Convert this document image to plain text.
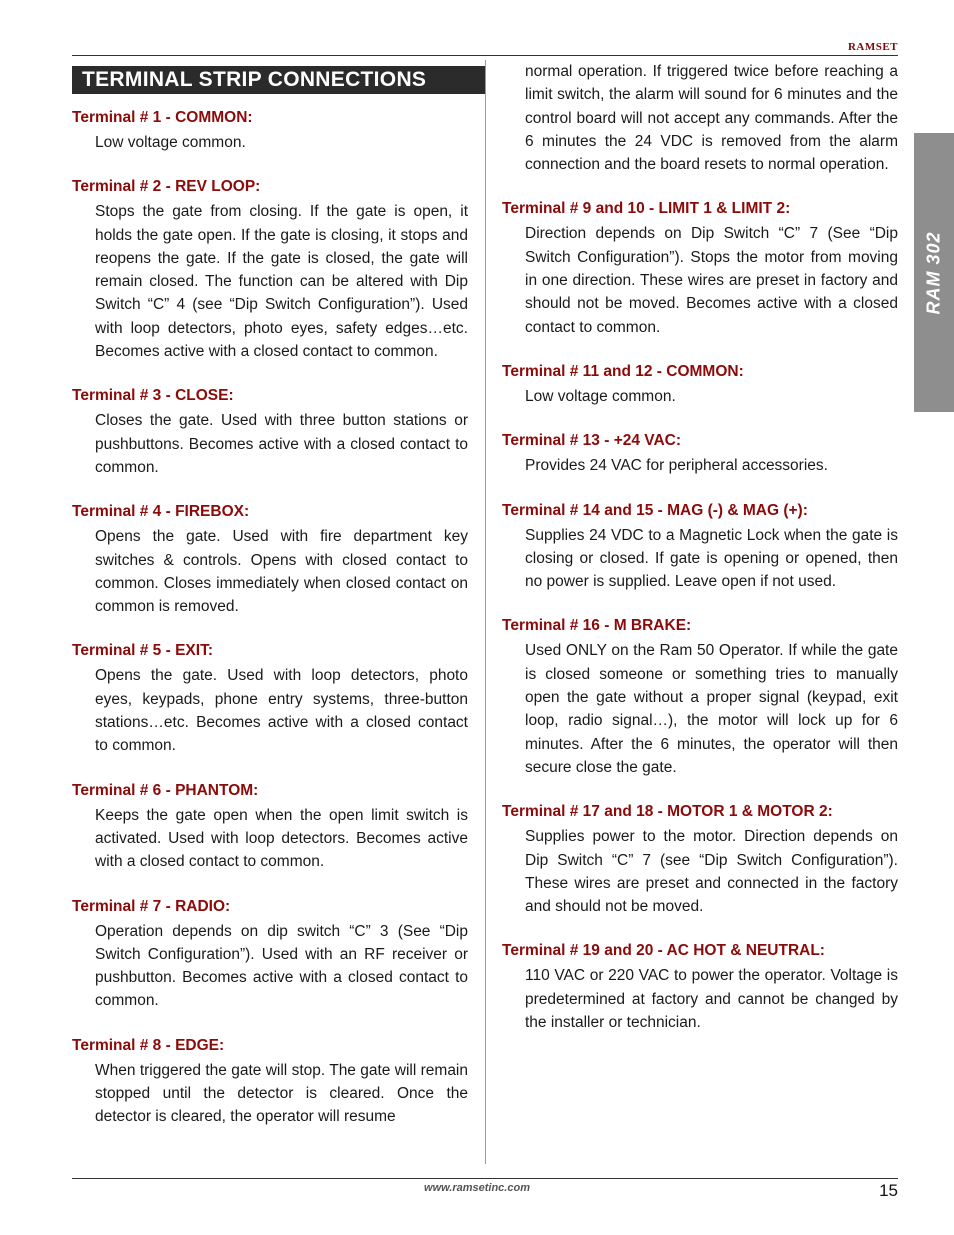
RAMSET
RAM 302
TERMINAL STRIP CONNECTIONS
Terminal # 1 - COMMON:
Low voltage common.
Terminal # 2 - REV LOOP:
Stops the gate from closing. If the gate is open, it holds the gate open. If the gate is closing, it stops and reopens the gate. If the gate is closed, the gate will remain closed. The function can be altered with Dip Switch “C” 4 (see “Dip Switch Configuration”). Used with loop detectors, photo eyes, safety edges…etc. Becomes active with a closed contact to common.
Terminal # 3 - CLOSE:
Closes the gate. Used with three button stations or pushbuttons. Becomes active with a closed contact to common.
Terminal # 4 - FIREBOX:
Opens the gate. Used with fire department key switches & controls. Opens with closed contact to common. Closes immediately when closed contact on common is removed.
Terminal # 5 - EXIT:
Opens the gate. Used with loop detectors, photo eyes, keypads, phone entry systems, three-button stations…etc. Becomes active with a closed contact to common.
Terminal # 6 - PHANTOM:
Keeps the gate open when the open limit switch is activated. Used with loop detectors. Becomes active with a closed contact to common.
Terminal # 7 - RADIO:
Operation depends on dip switch “C” 3 (See “Dip Switch Configuration”). Used with an RF receiver or pushbutton. Becomes active with a closed contact to common.
Terminal # 8 - EDGE:
When triggered the gate will stop. The gate will remain stopped until the detector is cleared. Once the detector is cleared, the operator will resume
normal operation. If triggered twice before reaching a limit switch, the alarm will sound for 6 minutes and the control board will not accept any commands. After the 6 minutes the 24 VDC is removed from the alarm connection and the board resets to normal operation.
Terminal # 9 and 10 - LIMIT 1 & LIMIT 2:
Direction depends on Dip Switch “C” 7 (See “Dip Switch Configuration”). Stops the motor from moving in one direction. These wires are preset in factory and should not be moved. Becomes active with a closed contact to common.
Terminal # 11 and 12 - COMMON:
Low voltage common.
Terminal # 13 - +24 VAC:
Provides 24 VAC for peripheral accessories.
Terminal # 14 and 15 - MAG (-) & MAG (+):
Supplies 24 VDC to a Magnetic Lock when the gate is closing or closed. If gate is opening or opened, then no power is supplied. Leave open if not used.
Terminal # 16 - M BRAKE:
Used ONLY on the Ram 50 Operator. If while the gate is closed someone or something tries to manually open the gate without a proper signal (keypad, exit loop, radio signal…), the motor will lock up for 6 minutes. After the 6 minutes, the operator will then secure close the gate.
Terminal # 17 and 18 - MOTOR 1 & MOTOR 2:
Supplies power to the motor. Direction depends on Dip Switch “C” 7 (see “Dip Switch Configuration”). These wires are preset and connected in the factory and should not be moved.
Terminal # 19 and 20 - AC HOT & NEUTRAL:
110 VAC or 220 VAC to power the operator. Voltage is predetermined at factory and cannot be changed by the installer or technician.
www.ramsetinc.com	15
